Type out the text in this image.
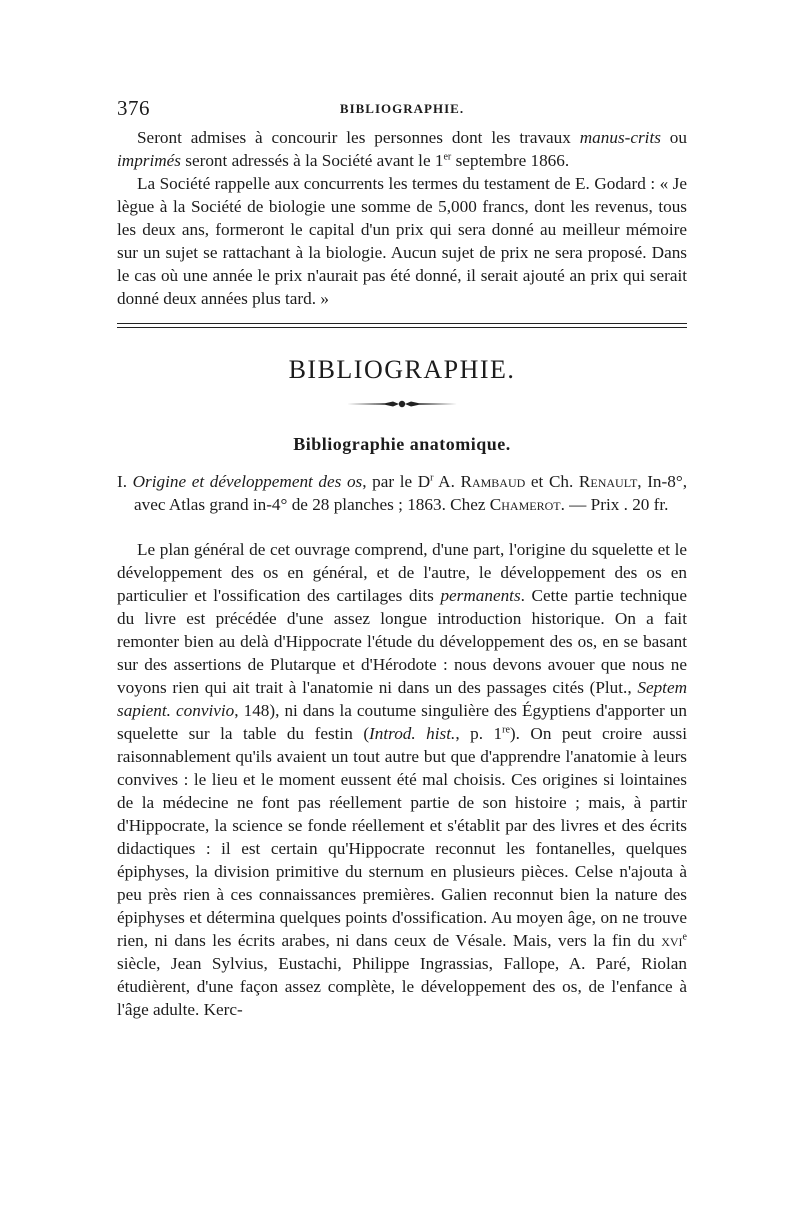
376	BIBLIOGRAPHIE.

Seront admises à concourir les personnes dont les travaux manus-crits ou imprimés seront adressés à la Société avant le 1er septembre 1866.

La Société rappelle aux concurrents les termes du testament de E. Godard : « Je lègue à la Société de biologie une somme de 5,000 francs, dont les revenus, tous les deux ans, formeront le capital d'un prix qui sera donné au meilleur mémoire sur un sujet se rattachant à la biologie. Aucun sujet de prix ne sera proposé. Dans le cas où une année le prix n'aurait pas été donné, il serait ajouté an prix qui serait donné deux années plus tard. »

BIBLIOGRAPHIE.
Bibliographie anatomique.

I. Origine et développement des os, par le $D^r$ A. Rambaud et Ch. Renault, In-8°, avec Atlas grand in-4° de 28 planches ; 1863. Chez Chamerot. — Prix . 20 fr.

Le plan général de cet ouvrage comprend, d'une part, l'origine du squelette et le développement des os en général, et de l'autre, le développement des os en particulier et l'ossification des cartilages dits permanents. Cette partie technique du livre est précédée d'une assez longue introduction historique. On a fait remonter bien au delà d'Hippocrate l'étude du développement des os, en se basant sur des assertions de Plutarque et d'Hérodote : nous devons avouer que nous ne voyons rien qui ait trait à l'anatomie ni dans un des passages cités (Plut., Septem sapient. convivio, 148), ni dans la coutume singulière des Égyptiens d'apporter un squelette sur la table du festin (Introd. hist., p. 1re). On peut croire aussi raisonnablement qu'ils avaient un tout autre but que d'apprendre l'anatomie à leurs convives : le lieu et le moment eussent été mal choisis. Ces origines si lointaines de la médecine ne font pas réellement partie de son histoire ; mais, à partir d'Hippocrate, la science se fonde réellement et s'établit par des livres et des écrits didactiques : il est certain qu'Hippocrate reconnut les fontanelles, quelques épiphyses, la division primitive du sternum en plusieurs pièces. Celse n'ajouta à peu près rien à ces connaissances premières. Galien reconnut bien la nature des épiphyses et détermina quelques points d'ossification. Au moyen âge, on ne trouve rien, ni dans les écrits arabes, ni dans ceux de Vésale. Mais, vers la fin du xvi$^e$ siècle, Jean Sylvius, Eustachi, Philippe Ingrassias, Fallope, A. Paré, Riolan étudièrent, d'une façon assez complète, le développement des os, de l'enfance à l'âge adulte. Kerc-
